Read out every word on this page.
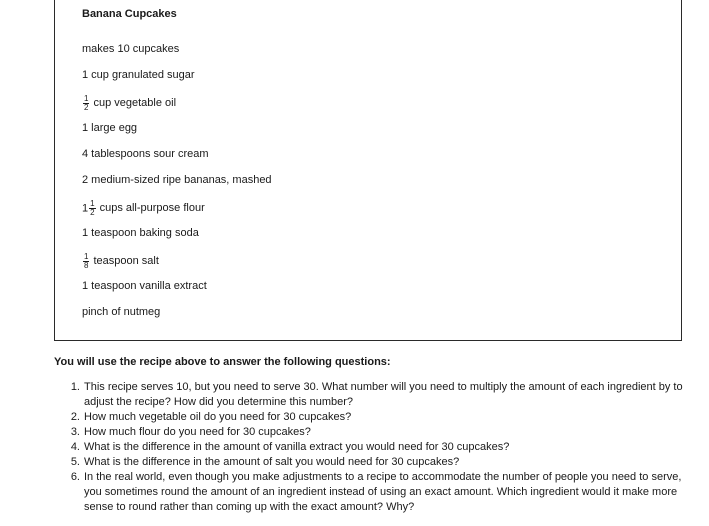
Banana Cupcakes
makes 10 cupcakes
1 cup granulated sugar
$\frac{1}{2}$ cup vegetable oil
1 large egg
4 tablespoons sour cream
2 medium-sized ripe bananas, mashed
$1 \frac{1}{2}$ cups all-purpose flour
1 teaspoon baking soda
$\frac{1}{8}$ teaspoon salt
1 teaspoon vanilla extract
pinch of nutmeg
You will use the recipe above to answer the following questions:
1. This recipe serves 10, but you need to serve 30. What number will you need to multiply the amount of each ingredient by to adjust the recipe? How did you determine this number?
2. How much vegetable oil do you need for 30 cupcakes?
3. How much flour do you need for 30 cupcakes?
4. What is the difference in the amount of vanilla extract you would need for 30 cupcakes?
5. What is the difference in the amount of salt you would need for 30 cupcakes?
6. In the real world, even though you make adjustments to a recipe to accommodate the number of people you need to serve, you sometimes round the amount of an ingredient instead of using an exact amount. Which ingredient would it make more sense to round rather than coming up with the exact amount? Why?
